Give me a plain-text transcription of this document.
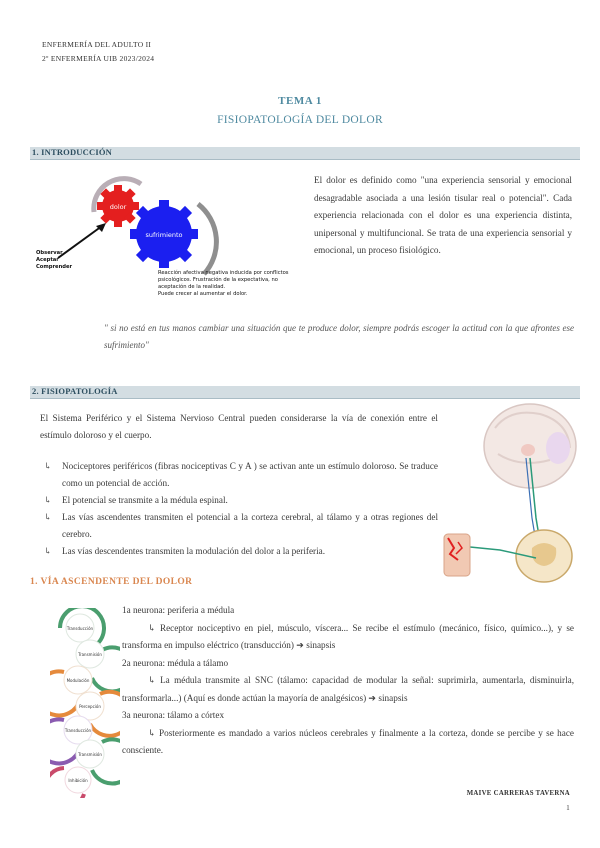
ENFERMERÍA DEL ADULTO II
2º ENFERMERÍA UIB 2023/2024
TEMA 1
FISIOPATOLOGÍA DEL DOLOR
1. INTRODUCCIÓN
dolor
sufrimiento
Observar
Aceptar
Comprender
Reacción afectiva negativa inducida por conflictos
psicológicos. Frustración de la expectativa, no
aceptación de la realidad.
Puede crecer al aumentar el dolor.
El dolor es definido como "una experiencia sensorial y emocional desagradable asociada a una lesión tisular real o potencial". Cada experiencia relacionada con el dolor es una experiencia distinta, unipersonal y multifuncional. Se trata de una experiencia sensorial y emocional, un proceso fisiológico.
" si no está en tus manos cambiar una situación que te produce dolor, siempre podrás escoger la actitud con la que afrontes ese sufrimiento"
2. FISIOPATOLOGÍA
El Sistema Periférico y el Sistema Nervioso Central pueden considerarse la vía de conexión entre el estímulo doloroso y el cuerpo.
↳ Nociceptores periféricos (fibras nociceptivas C y A ) se activan ante un estímulo doloroso. Se traduce como un potencial de acción.
↳ El potencial se transmite a la médula espinal.
↳ Las vías ascendentes transmiten el potencial a la corteza cerebral, al tálamo y a otras regiones del cerebro.
↳ Las vías descendentes transmiten la modulación del dolor a la periferia.
1. VÍA ASCENDENTE DEL DOLOR
Transducción
Transmisión
Modulación
Percepción
Transducción
Transmisión
Inhibición
1a neurona: periferia a médula
↳ Receptor nociceptivo en piel, músculo, víscera... Se recibe el estímulo (mecánico, físico, químico...), y se transforma en impulso eléctrico (transducción) ➔ sinapsis
2a neurona: médula a tálamo
↳ La médula transmite al SNC (tálamo: capacidad de modular la señal: suprimirla, aumentarla, disminuirla, transformarla...) (Aquí es donde actúan la mayoría de analgésicos) ➔ sinapsis
3a neurona: tálamo a córtex
↳ Posteriormente es mandado a varios núcleos cerebrales y finalmente a la corteza, donde se percibe y se hace consciente.
MAIVE CARRERAS TAVERNA
1
